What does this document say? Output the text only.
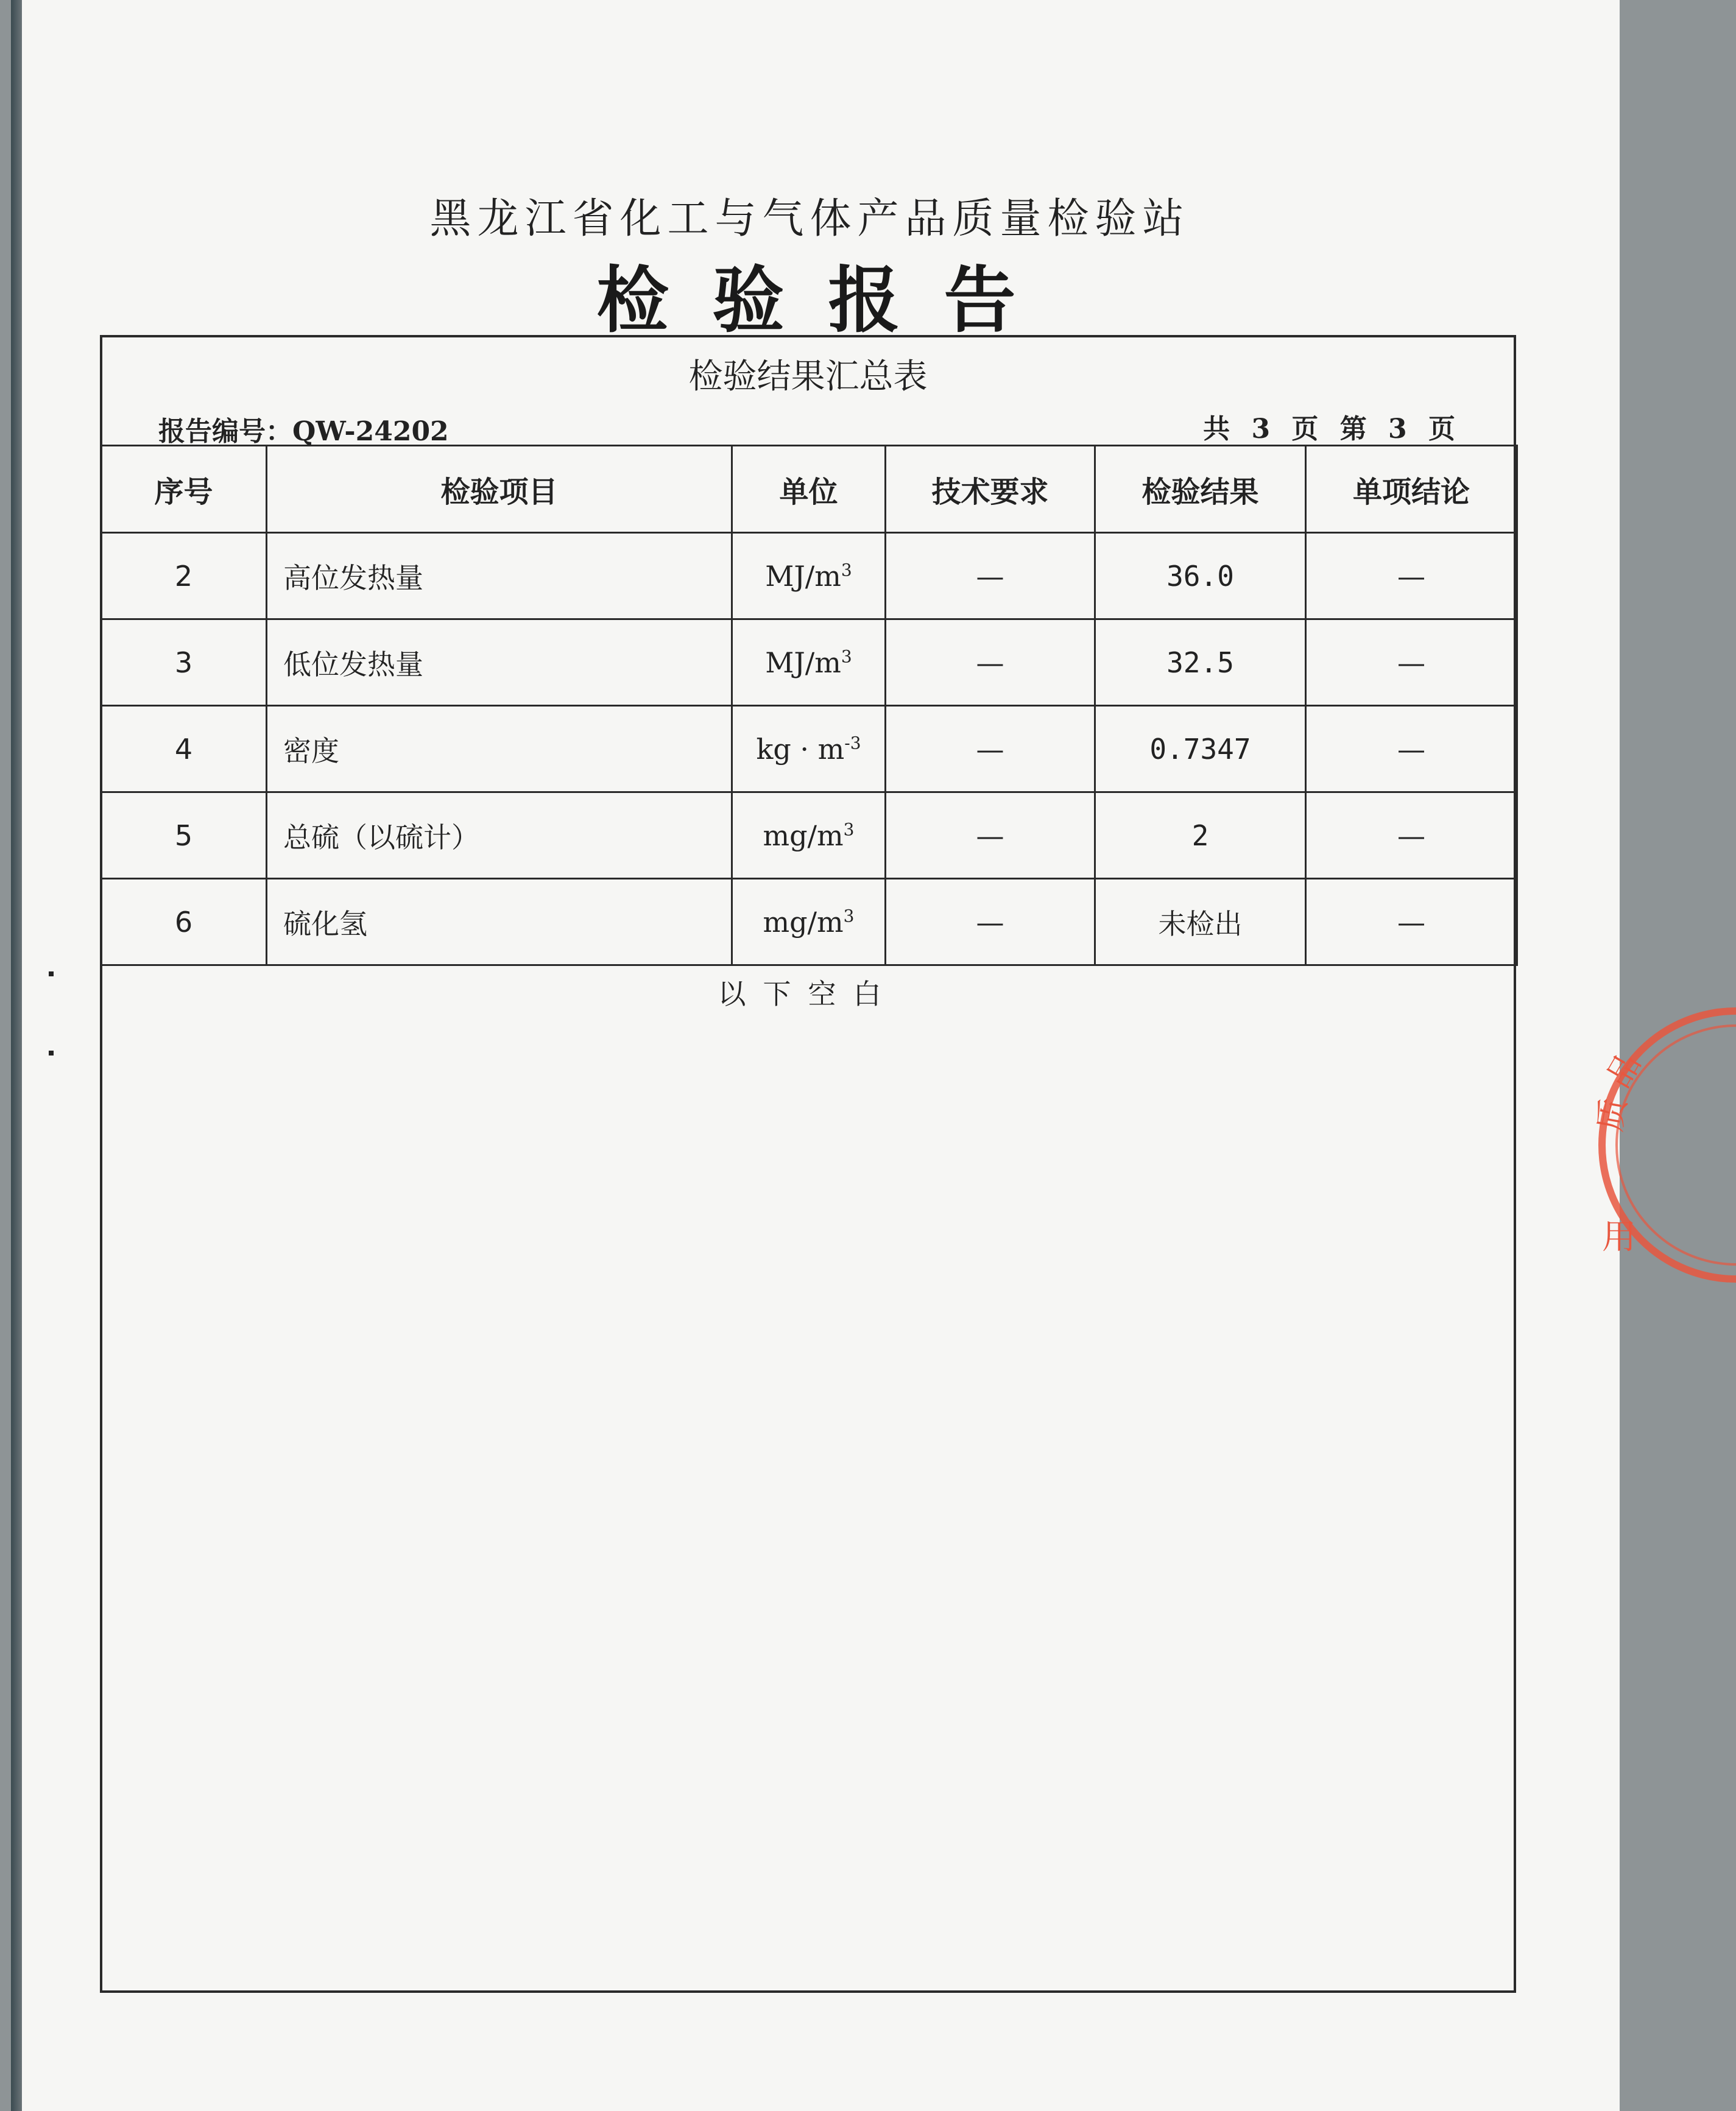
黑龙江省化工与气体产品质量检验站
检验报告
检验结果汇总表
报告编号：QW-24202	共 3 页 第 3 页
序号	检验项目	单位	技术要求	检验结果	单项结论
2	高位发热量	$MJ/m^3$	—	36.0	—
3	低位发热量	$MJ/m^3$	—	32.5	—
4	密度	kg · $m^{-3}$	—	0.7347	—
5	总硫（以硫计）	$mg/m^3$	—	2	—
6	硫化氢	$mg/m^3$	—	未检出	—
以下空白
品
质
用
